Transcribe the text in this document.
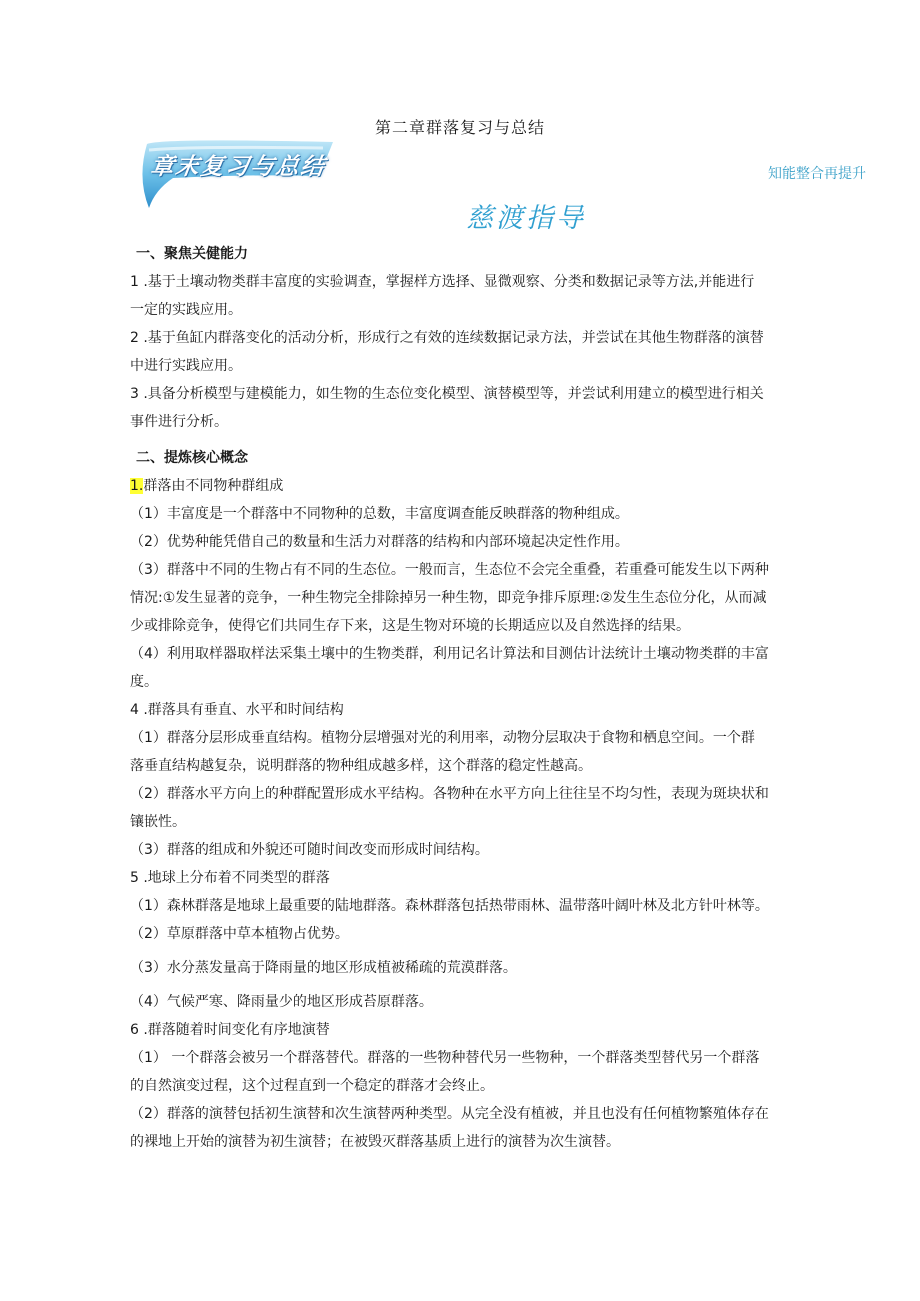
第二章群落复习与总结
章末复习与总结	知能整合再提升
慈渡指导

一、聚焦关健能力

1 .基于土壤动物类群丰富度的实验调查，掌握样方选择、显微观察、分类和数据记录等方法,并能进行

一定的实践应用。

2 .基于鱼缸内群落变化的活动分析，形成行之有效的连续数据记录方法，并尝试在其他生物群落的演替

中进行实践应用。

3 .具备分析模型与建模能力，如生物的生态位变化模型、演替模型等，并尝试利用建立的模型进行相关

事件进行分析。

二、提炼核心概念

1.群落由不同物种群组成

（1）丰富度是一个群落中不同物种的总数，丰富度调查能反映群落的物种组成。

（2）优势种能凭借自己的数量和生活力对群落的结构和内部环境起决定性作用。

（3）群落中不同的生物占有不同的生态位。一般而言，生态位不会完全重叠，若重叠可能发生以下两种

情况:①发生显著的竞争，一种生物完全排除掉另一种生物，即竞争排斥原理:②发生生态位分化，从而减

少或排除竞争，使得它们共同生存下来，这是生物对环境的长期适应以及自然选择的结果。

（4）利用取样器取样法采集土壤中的生物类群，利用记名计算法和目测估计法统计土壤动物类群的丰富

度。

4 .群落具有垂直、水平和时间结构

（1）群落分层形成垂直结构。植物分层增强对光的利用率，动物分层取决于食物和栖息空间。一个群

落垂直结构越复杂，说明群落的物种组成越多样，这个群落的稳定性越高。

（2）群落水平方向上的种群配置形成水平结构。各物种在水平方向上往往呈不均匀性，表现为斑块状和

镶嵌性。

（3）群落的组成和外貌还可随时间改变而形成时间结构。

5 .地球上分布着不同类型的群落

（1）森林群落是地球上最重要的陆地群落。森林群落包括热带雨林、温带落叶阔叶林及北方针叶林等。

（2）草原群落中草本植物占优势。

（3）水分蒸发量高于降雨量的地区形成植被稀疏的荒漠群落。

（4）气候严寒、降雨量少的地区形成苔原群落。

6 .群落随着时间变化有序地演替

（1） 一个群落会被另一个群落替代。群落的一些物种替代另一些物种，一个群落类型替代另一个群落

的自然演变过程，这个过程直到一个稳定的群落才会终止。

（2）群落的演替包括初生演替和次生演替两种类型。从完全没有植被，并且也没有任何植物繁殖体存在

的裸地上开始的演替为初生演替；在被毁灭群落基质上进行的演替为次生演替。
